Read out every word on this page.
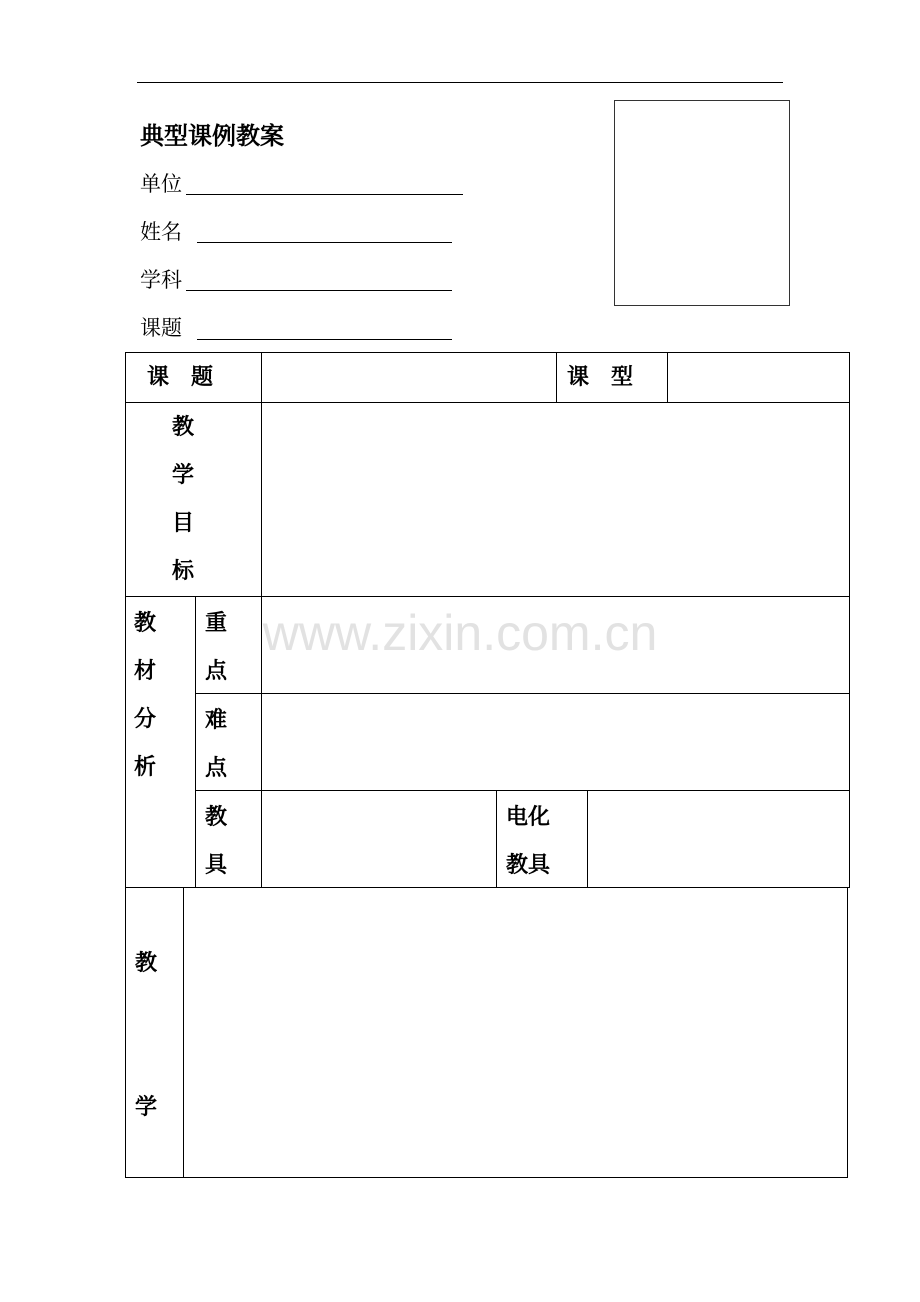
典型课例教案
单位
姓名
学科
课题
课　题	课　型
教
学
目
标
教
材
分
析
重
点
难
点
教
具
电化
教具
教
学
www.zixin.com.cn
